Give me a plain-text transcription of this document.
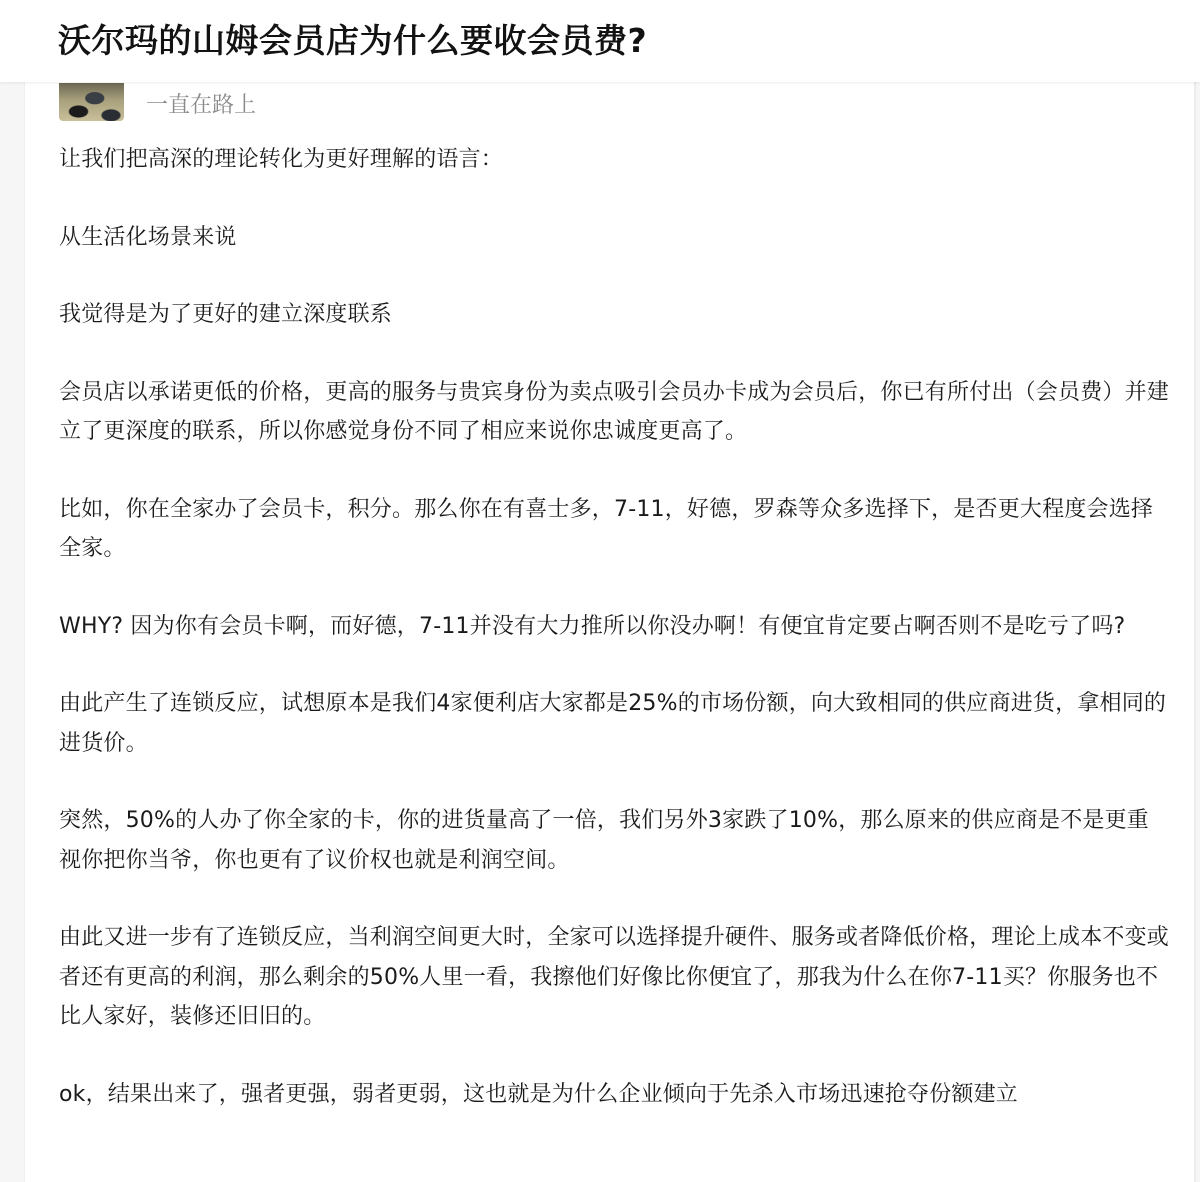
沃尔玛的山姆会员店为什么要收会员费?
一直在路上

让我们把高深的理论转化为更好理解的语言：

从生活化场景来说

我觉得是为了更好的建立深度联系

会员店以承诺更低的价格，更高的服务与贵宾身份为卖点吸引会员办卡成为会员后，你已有所付出（会员费）并建立了更深度的联系，所以你感觉身份不同了相应来说你忠诚度更高了。

比如，你在全家办了会员卡，积分。那么你在有喜士多，7-11，好德，罗森等众多选择下，是否更大程度会选择全家。

WHY? 因为你有会员卡啊，而好德，7-11并没有大力推所以你没办啊！有便宜肯定要占啊否则不是吃亏了吗?

由此产生了连锁反应，试想原本是我们4家便利店大家都是25%的市场份额，向大致相同的供应商进货，拿相同的进货价。

突然，50%的人办了你全家的卡，你的进货量高了一倍，我们另外3家跌了10%，那么原来的供应商是不是更重视你把你当爷，你也更有了议价权也就是利润空间。

由此又进一步有了连锁反应，当利润空间更大时，全家可以选择提升硬件、服务或者降低价格，理论上成本不变或者还有更高的利润，那么剩余的50%人里一看，我擦他们好像比你便宜了，那我为什么在你7-11买？你服务也不比人家好，装修还旧旧的。

ok，结果出来了，强者更强，弱者更弱，这也就是为什么企业倾向于先杀入市场迅速抢夺份额建立
